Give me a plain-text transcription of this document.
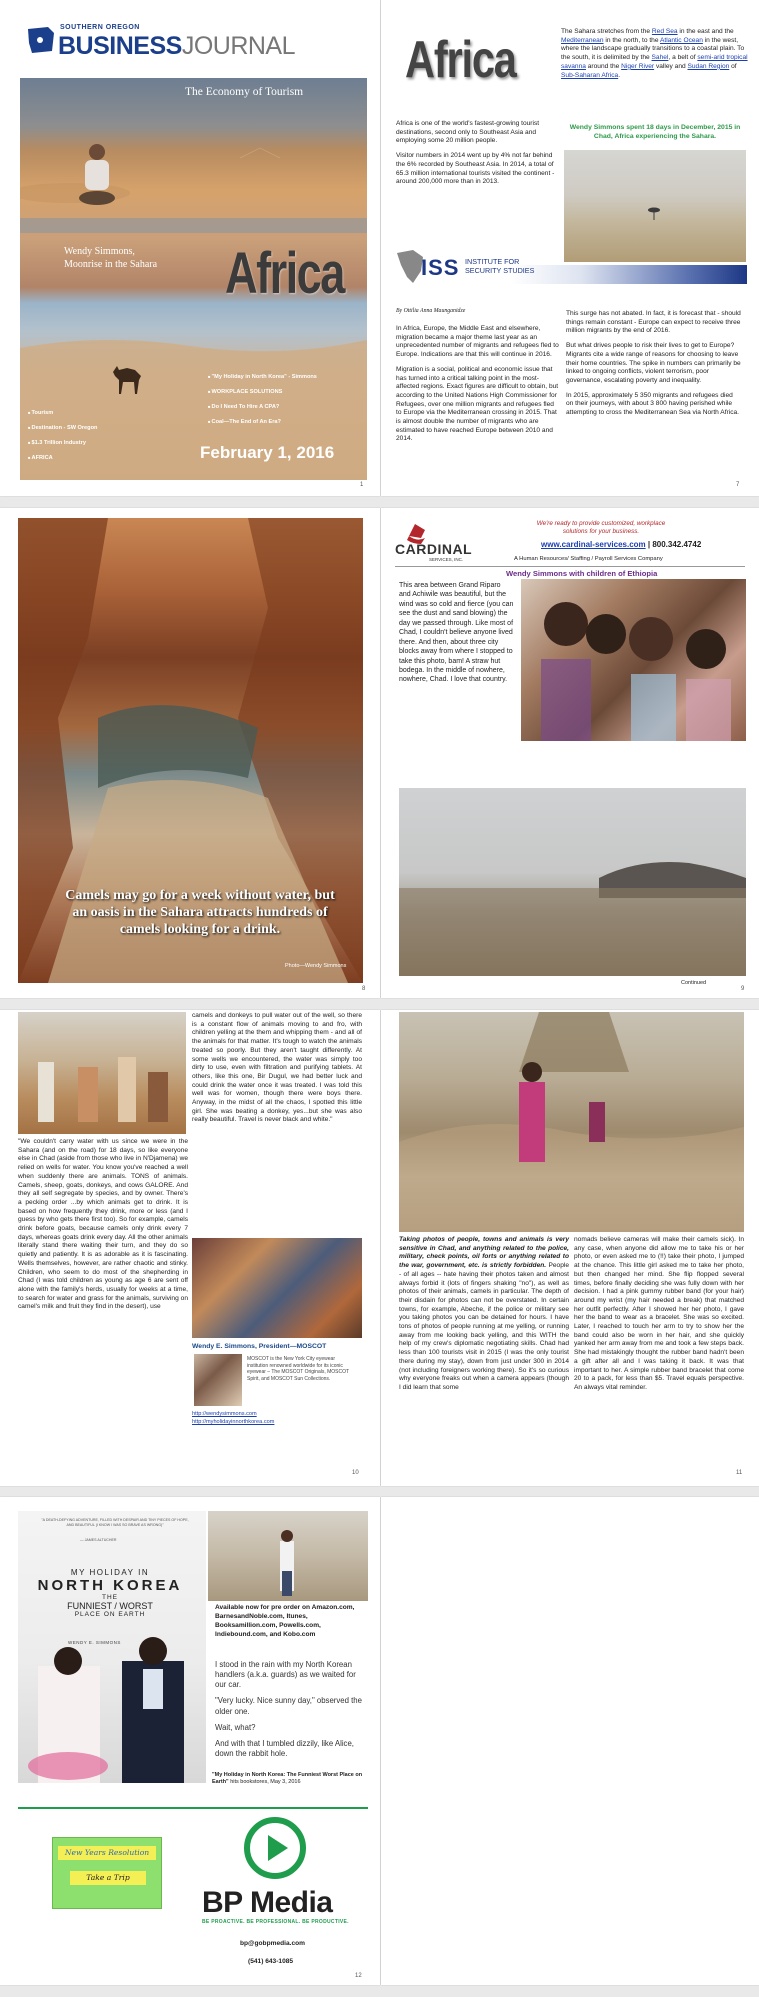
SOUTHERN OREGON
BUSINESSJOURNAL
The Economy of Tourism
Wendy Simmons,
Moonrise in the Sahara Africa
■ "My Holiday in North Korea" - Simmons
■ WORKPLACE SOLUTIONS
■ Do I Need To Hire A CPA?
■ Coal—The End of An Era?
■ Tourism
■ Destination - SW Oregon
■ $1.3 Trillion Industry
■ AFRICA	February 1, 2016
1
Africa

Africa is one of the world's fastest-growing tourist destinations, second only to Southeast Asia and employing some 20 million people.

Visitor numbers in 2014 went up by 4% not far behind the 6% recorded by Southeast Asia. In 2014, a total of 65.3 million international tourists visited the continent - around 200,000 more than in 2013.

The Sahara stretches from the Red Sea in the east and the Mediterranean in the north, to the Atlantic Ocean in the west, where the landscape gradually transitions to a coastal plain. To the south, it is delimited by the Sahel, a belt of semi-arid tropical savanna around the Niger River valley and Sudan Region of Sub-Saharan Africa.
Wendy Simmons spent 18 days in December, 2015 in Chad, Africa experiencing the Sahara.
ISS INSTITUTE FOR
SECURITY STUDIES
By Ottilia Anna Maunganidze

In Africa, Europe, the Middle East and elsewhere, migration became a major theme last year as an unprecedented number of migrants and refugees fled to Europe. Indications are that this will continue in 2016.

Migration is a social, political and economic issue that has turned into a critical talking point in the most-affected regions. Exact figures are difficult to obtain, but according to the United Nations High Commissioner for Refugees, over one million migrants and refugees fled to Europe via the Mediterranean crossing in 2015. That is almost double the number of migrants who are estimated to have reached Europe between 2010 and 2014.

This surge has not abated. In fact, it is forecast that - should things remain constant - Europe can expect to receive three million migrants by the end of 2016.

But what drives people to risk their lives to get to Europe? Migrants cite a wide range of reasons for choosing to leave their home countries. The spike in numbers can primarily be linked to ongoing conflicts, violent terrorism, poor governance, escalating poverty and inequality.

In 2015, approximately 5 350 migrants and refugees died on their journeys, with about 3 800 having perished while attempting to cross the Mediterranean Sea via North Africa.

7
Camels may go for a week without water, but an oasis in the Sahara attracts hundreds of camels looking for a drink.
Photo—Wendy Simmons
8
CARDINAL
SERVICES, INC.
We're ready to provide customized, workplace solutions for your business.
www.cardinal-services.com | 800.342.4742
A Human Resources/ Staffing / Payroll Services Company
Wendy Simmons with children of Ethiopia
This area between Grand Riparo and Achiwile was beautiful, but the wind was so cold and fierce (you can see the dust and sand blowing) the day we passed through. Like most of Chad, I couldn't believe anyone lived there. And then, about three city blocks away from where I stopped to take this photo, bam! A straw hut bodega. In the middle of nowhere, nowhere, Chad. I love that country.
Continued
9
"We couldn't carry water with us since we were in the Sahara (and on the road) for 18 days, so like everyone else in Chad (aside from those who live in N'Djamena) we relied on wells for water. You know you've reached a well when suddenly there are animals. TONS of animals. Camels, sheep, goats, donkeys, and cows GALORE. And they all self segregate by species, and by owner. There's a pecking order ...by which animals get to drink. It is based on how frequently they drink, more or less (and I guess by who gets there first too). So for example, camels drink before goats, because camels only drink every 7 days, whereas goats drink every day. All the other animals literally stand there waiting their turn, and they do so quietly and patiently. It is as adorable as it is fascinating. Wells themselves, however, are rather chaotic and stinky. Children, who seem to do most of the shepherding in Chad (I was told children as young as age 6 are sent off alone with the family's herds, usually for weeks at a time, to search for water and grass for the animals, surviving on camel's milk and fruit they find in the desert), use
camels and donkeys to pull water out of the well, so there is a constant flow of animals moving to and fro, with children yelling at the them and whipping them - and all of the animals for that matter. It's tough to watch the animals treated so poorly. But they aren't taught differently. At some wells we encountered, the water was simply too dirty to use, even with filtration and purifying tablets. At others, like this one, Bir Dugul, we had better luck and could drink the water once it was treated. I was told this well was for women, though there were boys there. Anyway, in the midst of all the chaos, I spotted this little girl. She was beating a donkey, yes...but she was also really beautiful. Travel is never black and white."
Wendy E. Simmons, President—MOSCOT
MOSCOT is the New York City eyewear institution renowned worldwide for its iconic eyewear – The MOSCOT Originals, MOSCOT Spirit, and MOSCOT Sun Collections.
http://wendysimmons.com
http://myholidayinnorthkorea.com
10
Taking photos of people, towns and animals is very sensitive in Chad, and anything related to the police, military, check points, oil forts or anything related to the war, government, etc. is strictly forbidden. People - of all ages -- hate having their photos taken and almost always forbid it (lots of fingers shaking "no"), as well as photos of their animals, camels in particular. The depth of their disdain for photos can not be overstated. In certain towns, for example, Abeche, if the police or military see you taking photos you can be detained for hours. I have tons of photos of people running at me yelling, or running away from me looking back yelling, and this WITH the help of my crew's diplomatic negotiating skills. Chad had less than 100 tourists visit in 2015 (I was the only tourist there during my stay), down from just under 300 in 2014 (not including foreigners working there). So it's so curious why everyone freaks out when a camera appears (though I did learn that some
nomads believe cameras will make their camels sick). In any case, when anyone did allow me to take his or her photo, or even asked me to (!!) take their photo, I jumped at the chance. This little girl asked me to take her photo, but then changed her mind. She flip flopped several times, before finally deciding she was fully down with her decision. I had a pink gummy rubber band (for your hair) around my wrist (my hair needed a break) that matched her outfit perfectly. After I showed her her photo, I gave her the band to wear as a bracelet. She was so excited. Later, I reached to touch her arm to try to show her the band could also be worn in her hair, and she quickly yanked her arm away from me and took a few steps back. She had mistakingly thought the rubber band hadn't been a gift after all and I was taking it back. It was that important to her. A simple rubber band bracelet that come 20 to a pack, for less than $5. Travel equals perspective. An always vital reminder.
11
"A DEATH-DEFYING ADVENTURE, FILLED WITH DESPAIR AND TINY PIECES OF HOPE, AND BEAUTIFUL (I KNOW I WAS SO BRAVE AS WRONG)"
— JAMES ALTUCHER
MY HOLIDAY IN
NORTH KOREA
THE
FUNNIEST / WORST
PLACE ON EARTH
WENDY E. SIMMONS
Available now for pre order on Amazon.com, BarnesandNoble.com, Itunes, Booksamillion.com, Powells.com, Indiebound.com, and Kobo.com

I stood in the rain with my North Korean handlers (a.k.a. guards) as we waited for our car.

"Very lucky. Nice sunny day," observed the older one.

Wait, what?

And with that I tumbled dizzily, like Alice, down the rabbit hole.

"My Holiday in North Korea: The Funniest Worst Place on Earth" hits bookstores, May 3, 2016
New Years Resolution
Take a Trip
BP Media
BE PROACTIVE. BE PROFESSIONAL. BE PRODUCTIVE.
bp@gobpmedia.com
(541) 643-1085
12
